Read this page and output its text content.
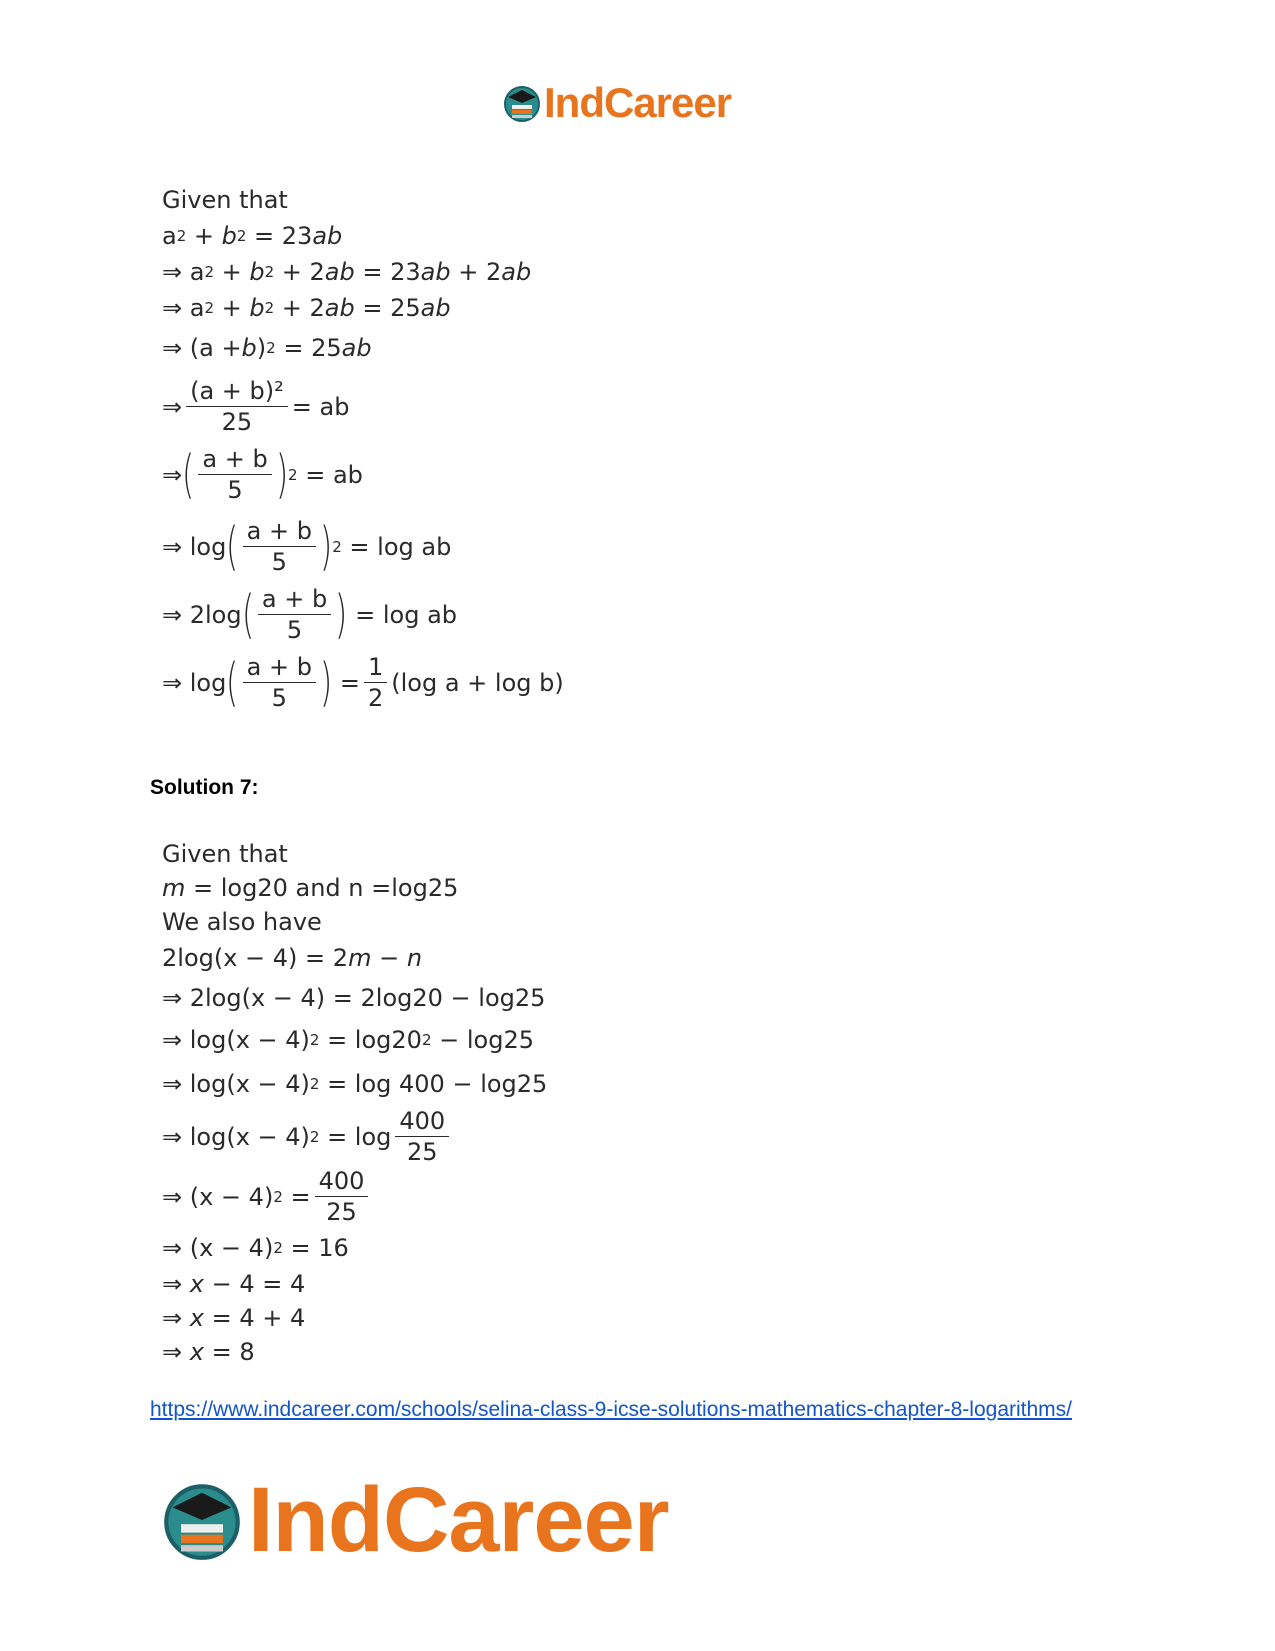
IndCareer
Given that
a 2 + b 2 = 23 ab
⇒ a 2 + b 2 + 2 ab = 23 ab + 2 ab
⇒ a 2 + b 2 + 2 ab = 25 ab
⇒ (a + b ) 2 = 25 ab
⇒ $\frac{\text{(a + b)²}}{25}$ = ab
⇒ ( a + b
5 ) 2
= ab
⇒ log ( a + b
5 ) 2
= log ab
⇒ 2log ( a + b
5 )
= log ab
⇒ log ( a + b
5 ) =
1
2
(log a + log b)
Solution 7:
Given that
m = log20 and n =log25
We also have
2log(x − 4) = 2 m − n
⇒ 2log(x − 4) = 2log20 − log25
⇒ log(x − 4) 2 = log20 2 − log25
⇒ log(x − 4) 2 = log 400 − log25
⇒ log(x − 4) 2 = log
400
25
⇒ (x − 4) 2 =
400
25
⇒ (x − 4) 2 = 16
⇒ x − 4 = 4
⇒ x = 4 + 4
⇒ x = 8
https://www.indcareer.com/schools/selina-class-9-icse-solutions-mathematics-chapter-8-logarithms/
IndCareer
